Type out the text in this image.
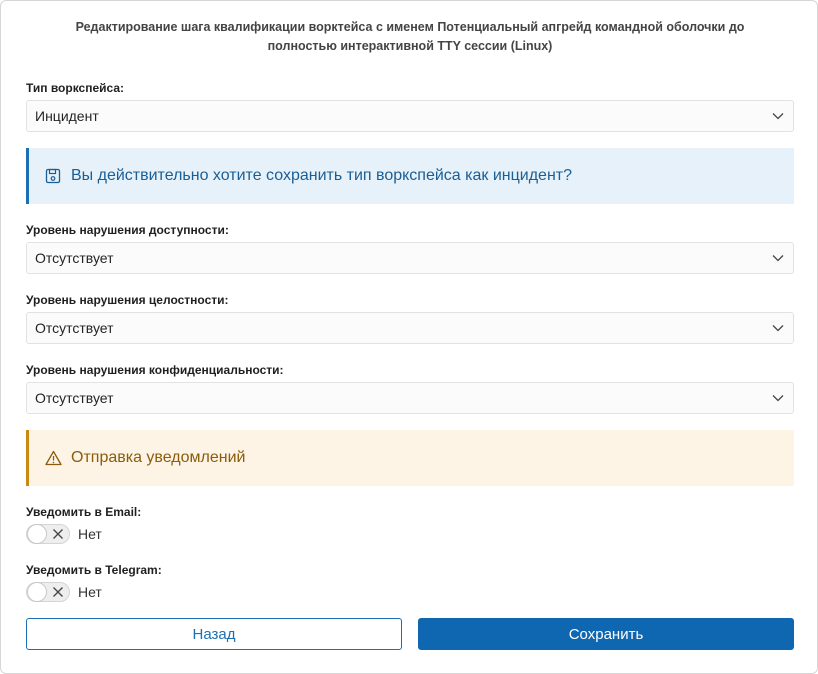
Редактирование шага квалификации ворктейса с именем Потенциальный апгрейд командной оболочки до полностью интерактивной TTY сессии (Linux)
Тип воркспейса:
Инцидент
Вы действительно хотите сохранить тип воркспейса как инцидент?
Уровень нарушения доступности:
Отсутствует
Уровень нарушения целостности:
Отсутствует
Уровень нарушения конфиденциальности:
Отсутствует
Отправка уведомлений
Уведомить в Email:
Нет
Уведомить в Telegram:
Нет
Назад	Сохранить
